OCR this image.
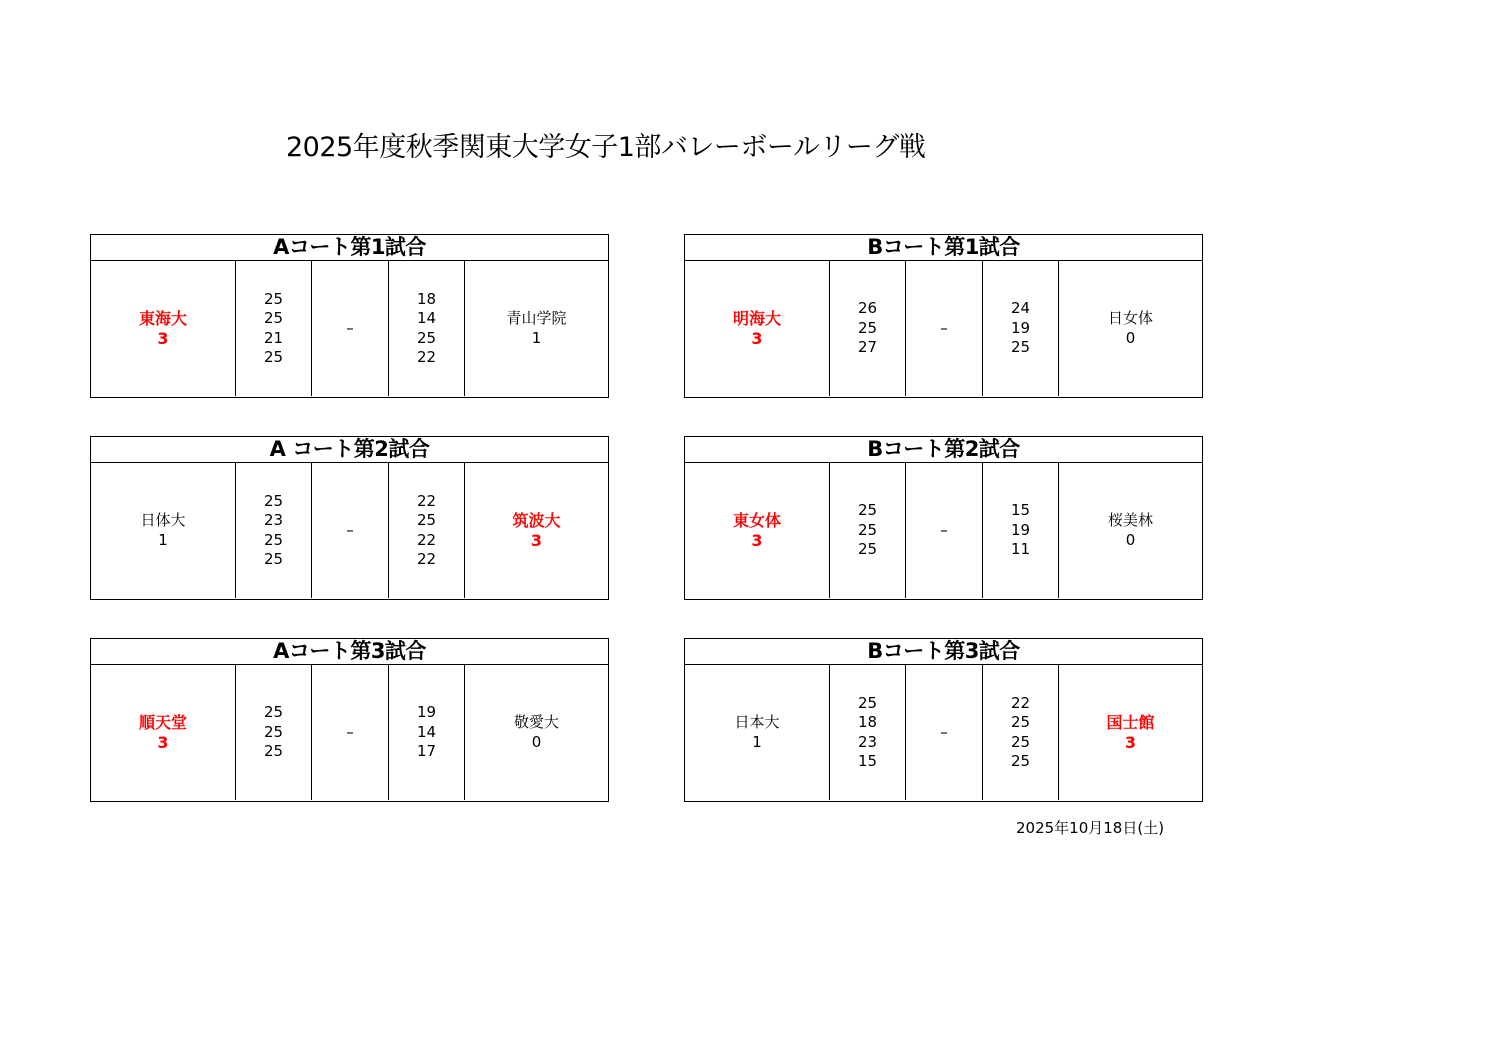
2025年度秋季関東大学女子1部バレーボールリーグ戦
Aコート第1試合
東海大
3
25
25
21
25
–
18
14
25
22
青山学院
1
Bコート第1試合
明海大
3
26
25
27
–
24
19
25
日女体
0
A コート第2試合
日体大
1
25
23
25
25
–
22
25
22
22
筑波大
3
Bコート第2試合
東女体
3
25
25
25
–
15
19
11
桜美林
0
Aコート第3試合
順天堂
3
25
25
25
–
19
14
17
敬愛大
0
Bコート第3試合
日本大
1
25
18
23
15
–
22
25
25
25
国士館
3
2025年10月18日(土)
